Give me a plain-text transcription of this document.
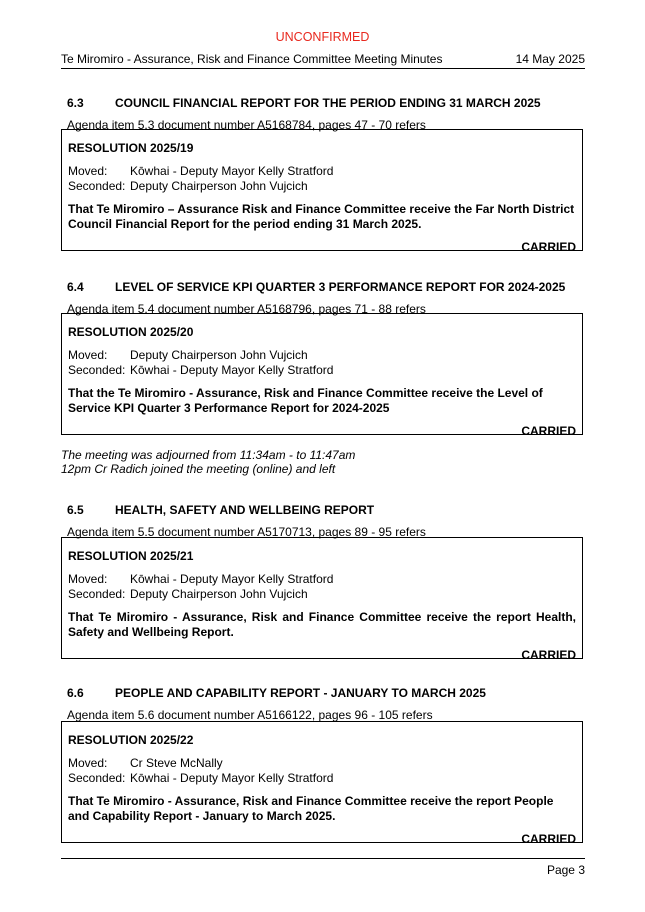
UNCONFIRMED
Te Miromiro - Assurance, Risk and Finance Committee Meeting Minutes	14 May 2025
6.3	COUNCIL FINANCIAL REPORT FOR THE PERIOD ENDING 31 MARCH 2025
Agenda item 5.3 document number A5168784, pages 47 - 70 refers
RESOLUTION 2025/19
Moved:	Kōwhai - Deputy Mayor Kelly Stratford
Seconded: Deputy Chairperson John Vujcich
That Te Miromiro – Assurance Risk and Finance Committee receive the Far North District Council Financial Report for the period ending 31 March 2025.
CARRIED
6.4	LEVEL OF SERVICE KPI QUARTER 3 PERFORMANCE REPORT FOR 2024-2025
Agenda item 5.4 document number A5168796, pages 71 - 88 refers
RESOLUTION 2025/20
Moved:	Deputy Chairperson John Vujcich
Seconded: Kōwhai - Deputy Mayor Kelly Stratford
That the Te Miromiro - Assurance, Risk and Finance Committee receive the Level of Service KPI Quarter 3 Performance Report for 2024-2025
CARRIED
The meeting was adjourned from 11:34am - to 11:47am
12pm Cr Radich joined the meeting (online) and left
6.5	HEALTH, SAFETY AND WELLBEING REPORT
Agenda item 5.5 document number A5170713, pages 89 - 95 refers
RESOLUTION 2025/21
Moved:	Kōwhai - Deputy Mayor Kelly Stratford
Seconded: Deputy Chairperson John Vujcich
That Te Miromiro - Assurance, Risk and Finance Committee receive the report Health, Safety and Wellbeing Report.
CARRIED
6.6	PEOPLE AND CAPABILITY REPORT - JANUARY TO MARCH 2025
Agenda item 5.6 document number A5166122, pages 96 - 105 refers
RESOLUTION 2025/22
Moved:	Cr Steve McNally
Seconded: Kōwhai - Deputy Mayor Kelly Stratford
That Te Miromiro - Assurance, Risk and Finance Committee receive the report People and Capability Report - January to March 2025.
CARRIED
Page 3
